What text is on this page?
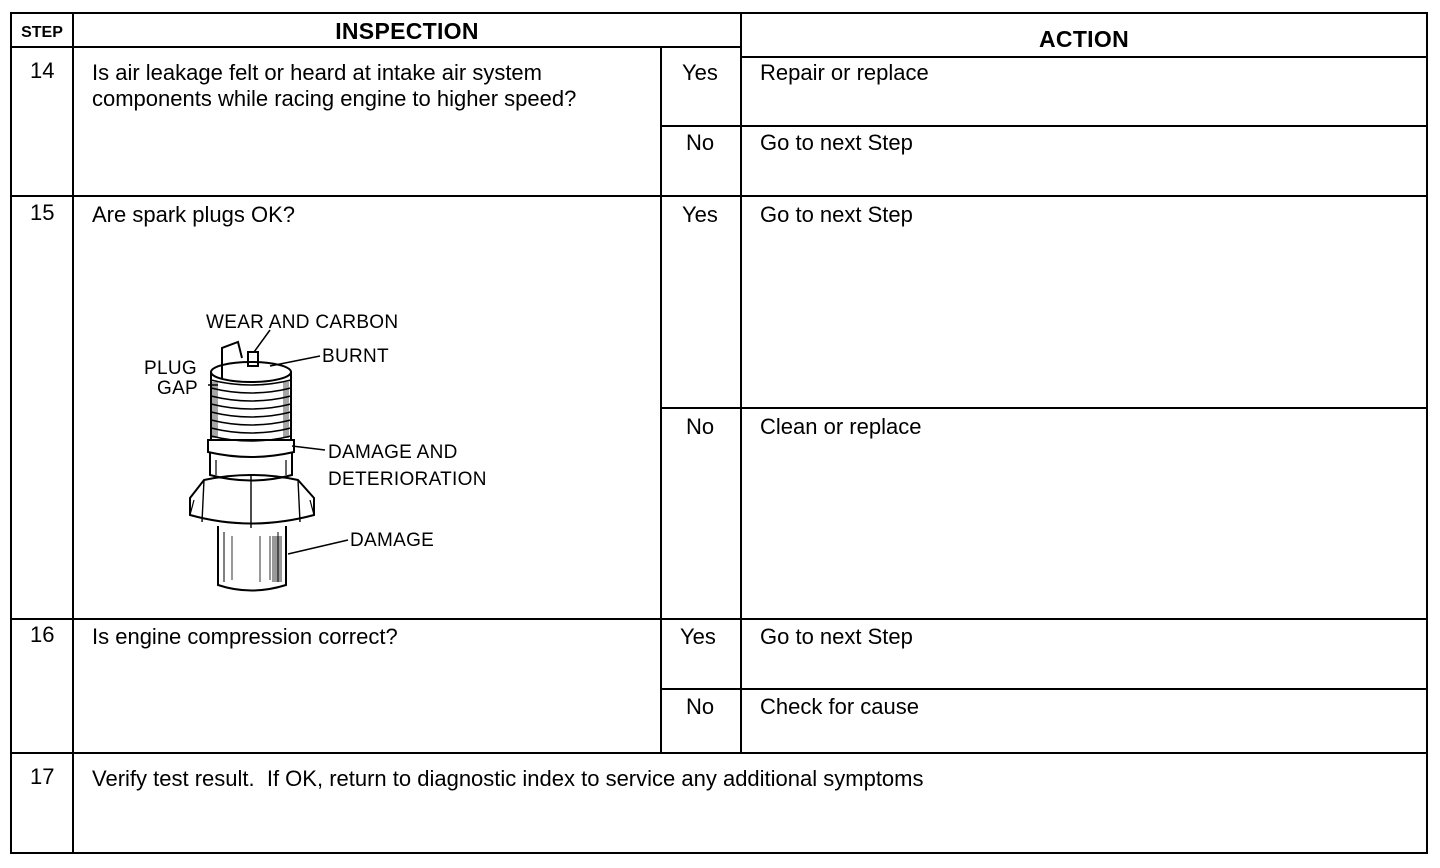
STEP	INSPECTION	ACTION
14 Is air leakage felt or heard at intake air system
components while racing engine to higher speed?
Yes Repair or replace
No Go to next Step
15 Are spark plugs OK?	Yes Go to next Step
No Clean or replace
WEAR AND CARBON
BURNT
PLUG
GAP
DAMAGE AND
DETERIORATION
DAMAGE
16 Is engine compression correct?	Yes Go to next Step
No Check for cause
17 Verify test result.  If OK, return to diagnostic index to service any additional symptoms
